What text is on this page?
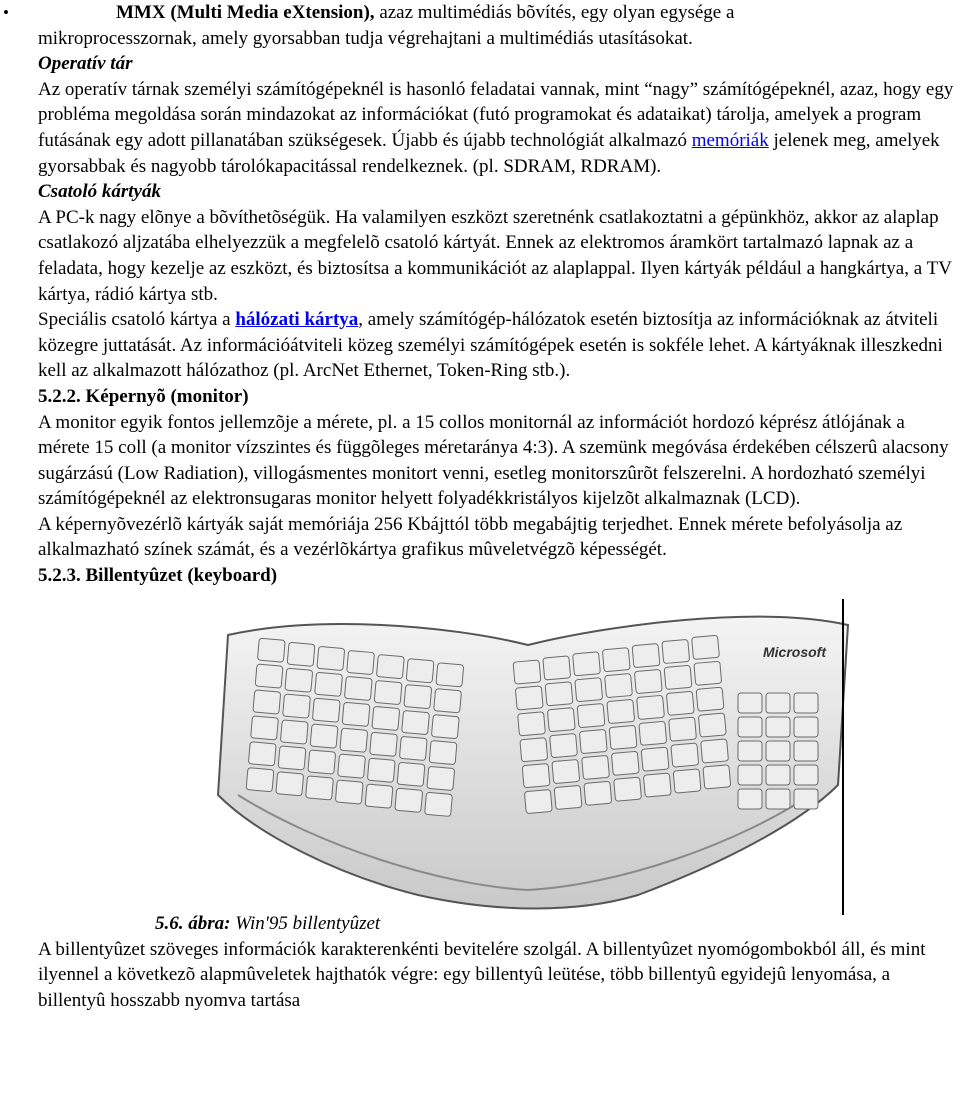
•

MMX (Multi Media eXtension), azaz multimédiás bõvítés, egy olyan egysége a
mikroprocesszornak, amely gyorsabban tudja végrehajtani a multimédiás utasításokat.

Operatív tár

Az operatív tárnak személyi számítógépeknél is hasonló feladatai vannak, mint “nagy” számítógépeknél, azaz, hogy egy probléma megoldása során mindazokat az információkat (futó programokat és adataikat) tárolja, amelyek a program futásának egy adott pillanatában szükségesek. Újabb és újabb technológiát alkalmazó memóriák jelenek meg, amelyek gyorsabbak és nagyobb tárolókapacitással rendelkeznek. (pl. SDRAM, RDRAM).

Csatoló kártyák

A PC-k nagy elõnye a bõvíthetõségük. Ha valamilyen eszközt szeretnénk csatlakoztatni a gépünkhöz, akkor az alaplap csatlakozó aljzatába elhelyezzük a megfelelõ csatoló kártyát. Ennek az elektromos áramkört tartalmazó lapnak az a feladata, hogy kezelje az eszközt, és biztosítsa a kommunikációt az alaplappal. Ilyen kártyák például a hangkártya, a TV kártya, rádió kártya stb.

Speciális csatoló kártya a hálózati kártya, amely számítógép-hálózatok esetén biztosítja az információknak az átviteli közegre juttatását. Az információátviteli közeg személyi számítógépek esetén is sokféle lehet. A kártyáknak illeszkedni kell az alkalmazott hálózathoz (pl. ArcNet Ethernet, Token-Ring stb.).

5.2.2. Képernyõ (monitor)

A monitor egyik fontos jellemzõje a mérete, pl. a 15 collos monitornál az információt hordozó képrész átlójának a mérete 15 coll (a monitor vízszintes és függõleges méretaránya 4:3). A szemünk megóvása érdekében célszerû alacsony sugárzású (Low Radiation), villogásmentes monitort venni, esetleg monitorszûrõt felszerelni. A hordozható személyi számítógépeknél az elektronsugaras monitor helyett folyadékkristályos kijelzõt alkalmaznak (LCD).

A képernyõvezérlõ kártyák saját memóriája 256 Kbájttól több megabájtig terjedhet. Ennek mérete befolyásolja az alkalmazható színek számát, és a vezérlõkártya grafikus mûveletvégzõ képességét.

5.2.3. Billentyûzet (keyboard)

Microsoft
5.6. ábra: Win'95 billentyûzet

A billentyûzet szöveges információk karakterenkénti bevitelére szolgál. A billentyûzet nyomógombokból áll, és mint ilyennel a következõ alapmûveletek hajthatók végre: egy billentyû leütése, több billentyû egyidejû lenyomása, a billentyû hosszabb nyomva tartása
